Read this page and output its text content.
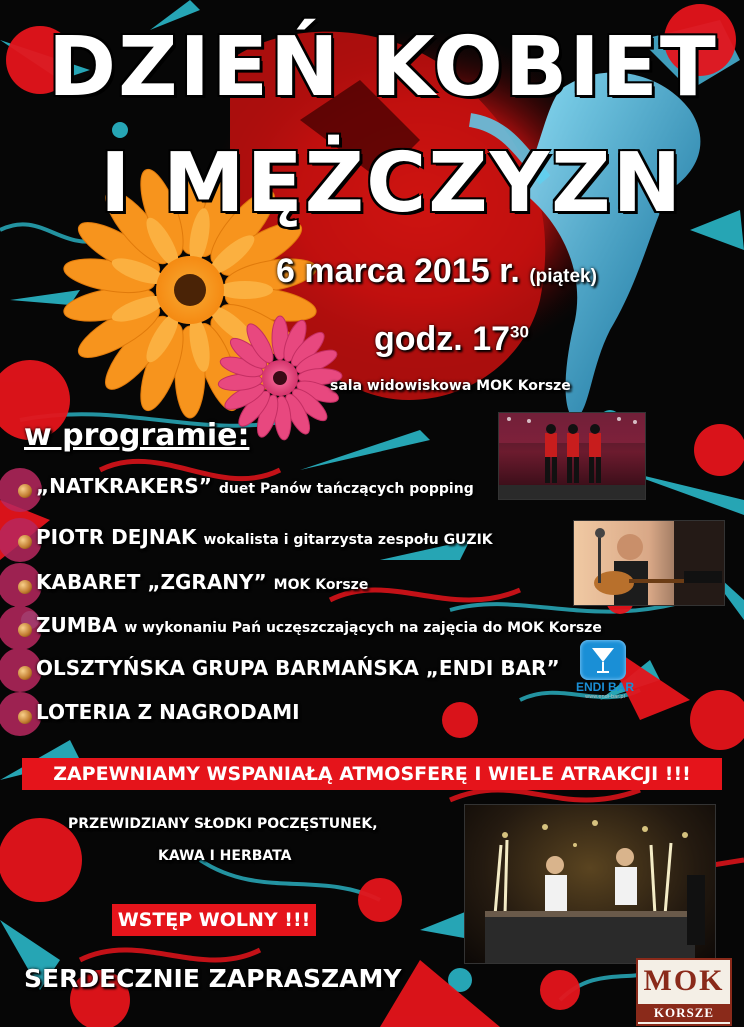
DZIEŃ KOBIET
I MĘŻCZYZN
6 marca 2015 r. (piątek)
godz. $17^{30}$
sala widowiskowa MOK Korsze
w programie:
„NATKRAKERS” duet Panów tańczących popping
PIOTR DEJNAK wokalista i gitarzysta zespołu GUZIK
KABARET „ZGRANY” MOK Korsze
ZUMBA w wykonaniu Pań uczęszczających na zajęcia do MOK Korsze
OLSZTYŃSKA GRUPA BARMAŃSKA „ENDI BAR”
LOTERIA Z NAGRODAMI
ENDI BAR
www.endi-bar.pl
ZAPEWNIAMY WSPANIAŁĄ ATMOSFERĘ I WIELE ATRAKCJI !!!
PRZEWIDZIANY SŁODKI POCZĘSTUNEK,
KAWA I HERBATA
WSTĘP WOLNY !!!
SERDECZNIE ZAPRASZAMY	MOK
KORSZE
